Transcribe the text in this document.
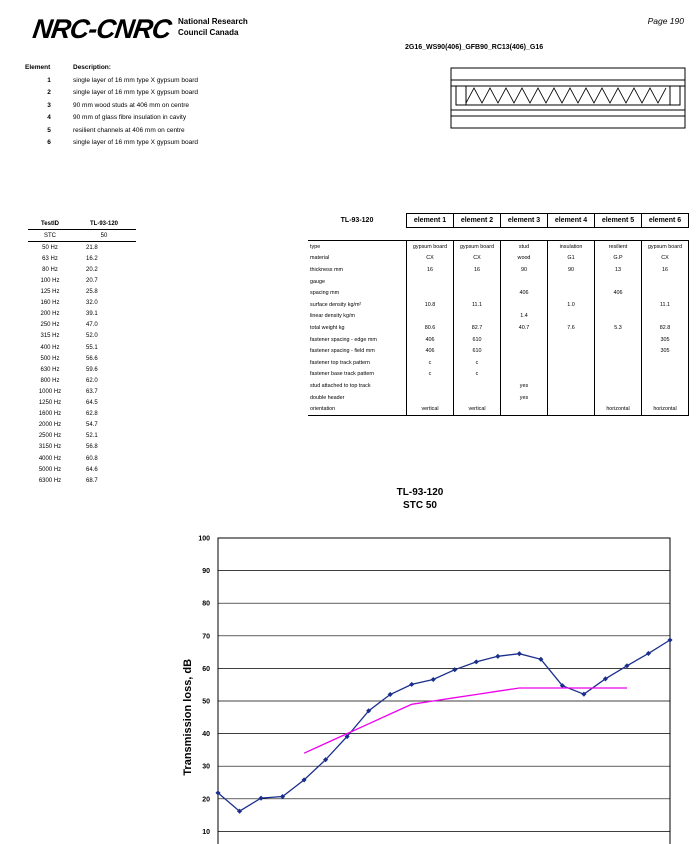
NRC-CNRC National Research
Council Canada
Page 190
2G16_WS90(406)_GFB90_RC13(406)_G16
Element	Description:
1	single layer of 16 mm type X gypsum board
2	single layer of 16 mm type X gypsum board
3	90 mm wood studs at 406 mm on centre
4	90 mm of glass fibre insulation in cavity
5	resilient channels at 406 mm on centre
6	single layer of 16 mm type X gypsum board
TestID	TL-93-120
STC	50
50 Hz	21.8
63 Hz	16.2
80 Hz	20.2
100 Hz	20.7
125 Hz	25.8
160 Hz	32.0
200 Hz	39.1
250 Hz	47.0
315 Hz	52.0
400 Hz	55.1
500 Hz	56.6
630 Hz	59.6
800 Hz	62.0
1000 Hz	63.7
1250 Hz	64.5
1600 Hz	62.8
2000 Hz	54.7
2500 Hz	52.1
3150 Hz	56.8
4000 Hz	60.8
5000 Hz	64.6
6300 Hz	68.7
TL-93-120	element 1	element 2	element 3	element 4	element 5	element 6

type	gypsum board	gypsum board	stud	insulation	resilient	gypsum board
material	CX	CX	wood	G1	G.P	CX
thickness mm	16	16	90	90	13	16
gauge						
spacing mm			406		406	
surface density kg/m²	10.8	11.1		1.0		11.1
linear density kg/m			1.4			
total weight kg	80.6	82.7	40.7	7.6	5.3	82.8
fastener spacing - edge mm	406	610				305
fastener spacing - field mm	406	610				305
fastener top track pattern	c	c				
fastener base track pattern	c	c				
stud attached to top track			yes			
double header			yes			
orientation	vertical	vertical			horizontal	horizontal
TL-93-120
STC 50
10
20
30
40
50
60
70
80
90
100
Transmission loss, dB
